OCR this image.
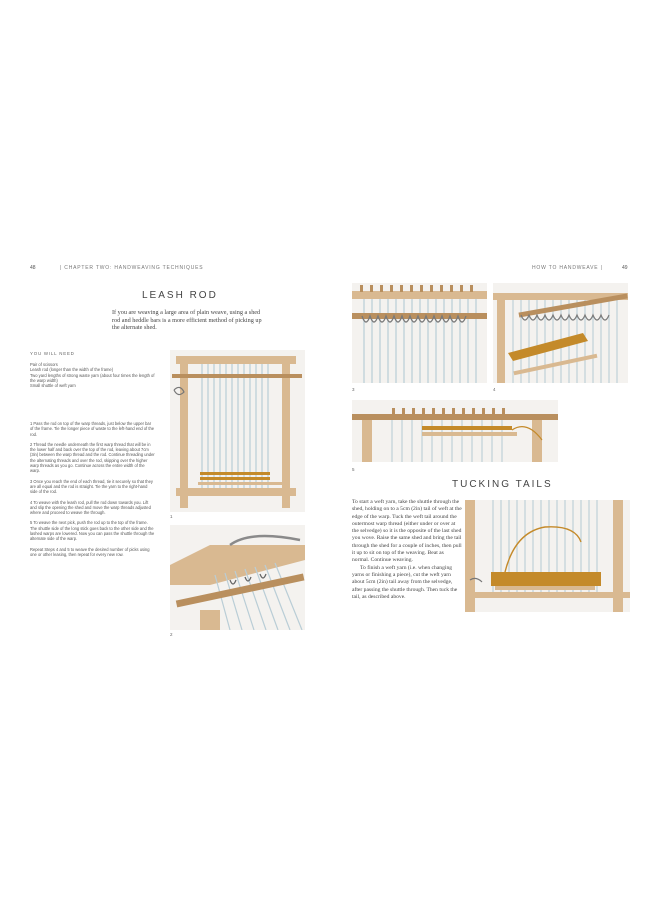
48	| CHAPTER TWO: HANDWEAVING TECHNIQUES
LEASH ROD
If you are weaving a large area of plain weave, using a shed rod and heddle bars is a more efficient method of picking up the alternate shed.
YOU WILL NEED
Pair of scissors
Leash rod (longer than the width of the frame)
Two yard lengths of strong waste yarn (about four times the length of the warp width)
Small shuttle of weft yarn

1 Pass the rod on top of the warp threads, just below the upper bar of the frame. Tie the longer piece of waste to the left-hand end of the rod.

2 Thread the needle underneath the first warp thread that will be in the lower half and back over the top of the rod, leaving about 7cm (3in) between the warp thread and the rod. Continue threading under the alternating threads and over the rod, skipping over the higher warp threads as you go. Continue across the entire width of the warp.

3 Once you reach the end of each thread, tie it securely so that they are all equal and the rod is straight. Tie the yarn to the right-hand side of the rod.

4 To weave with the leash rod, pull the rod down towards you. Lift and slip the opening the shed and move the warp threads adjusted where and proceed to weave the through.

5 To weave the next pick, push the rod up to the top of the frame. The shuttle side of the long stick goes back to the other side and the lashed warps are lowered. Now you can pass the shuttle through the alternate side of the warp.

Repeat Steps 4 and 5 to weave the desired number of picks using one or other leasing, then repeat for every new row.

1
2
HOW TO HANDWEAVE |	49
3	4
5
TUCKING TAILS
To start a weft yarn, take the shuttle through the shed, holding on to a 5cm (2in) tail of weft at the edge of the warp. Tuck the weft tail around the outermost warp thread (either under or over at the selvedge) so it is the opposite of the last shed you wove. Raise the same shed and bring the tail through the shed for a couple of inches, then pull it up to sit on top of the weaving. Beat as normal. Continue weaving.
To finish a weft yarn (i.e. when changing yarns or finishing a piece), cut the weft yarn about 5cm (2in) tail away from the selvedge, after passing the shuttle through. Then tuck the tail, as described above.
